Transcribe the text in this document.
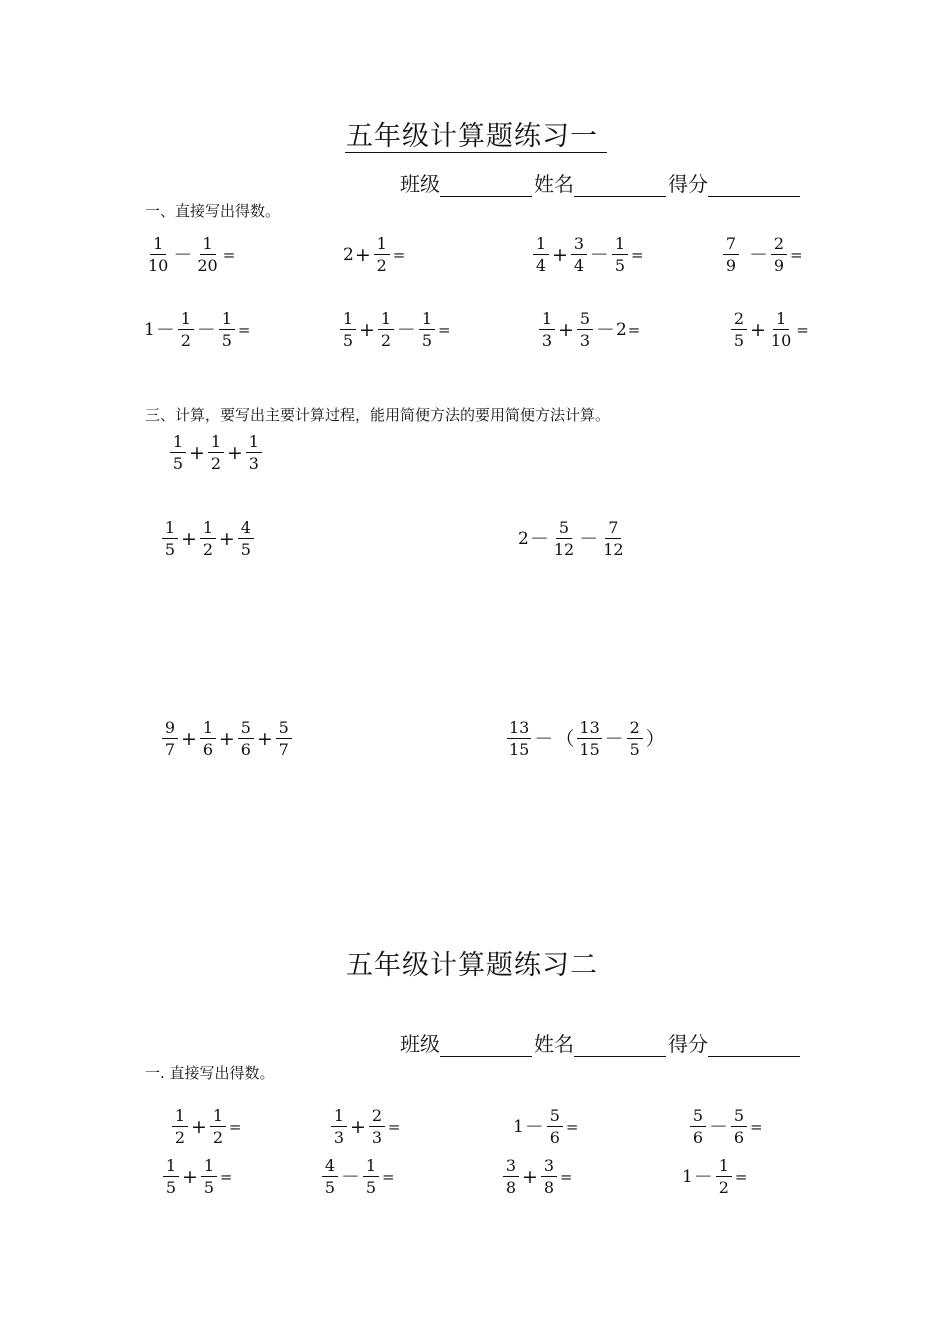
五年级计算题练习一
班级	姓名	得分
一、直接写出得数。
$\frac{1}{10} - \frac{1}{20}$ =	$2 + \frac{1}{2}$ =	$\frac{1}{4} + \frac{3}{4} - \frac{1}{5}$ =	$\frac{7}{9} - \frac{2}{9}$ =
$1 - \frac{1}{2} - \frac{1}{5}$ =	$\frac{1}{5} + \frac{1}{2} - \frac{1}{5}$ =	$\frac{1}{3} + \frac{5}{3} - 2$ =	$\frac{2}{5} + \frac{1}{10}$ =
三、计算，要写出主要计算过程，能用简便方法的要用简便方法计算。
$\frac{1}{5} + \frac{1}{2} + \frac{1}{3}$
$\frac{1}{5} + \frac{1}{2} + \frac{4}{5}$	$2 - \frac{5}{12} - \frac{7}{12}$
$\frac{9}{7} + \frac{1}{6} + \frac{5}{6} + \frac{5}{7}$	$\frac{13}{15}$ － （ $\frac{13}{15} - \frac{2}{5}$ ）
五年级计算题练习二
班级	姓名	得分
一. 直接写出得数。
$\frac{1}{2} + \frac{1}{2}$ =	$\frac{1}{3} + \frac{2}{3}$ =	$1 - \frac{5}{6}$ =	$\frac{5}{6} - \frac{5}{6}$ =
$\frac{1}{5} + \frac{1}{5}$ =	$\frac{4}{5} - \frac{1}{5}$ =	$\frac{3}{8} + \frac{3}{8}$ =	$1 - \frac{1}{2}$ =
